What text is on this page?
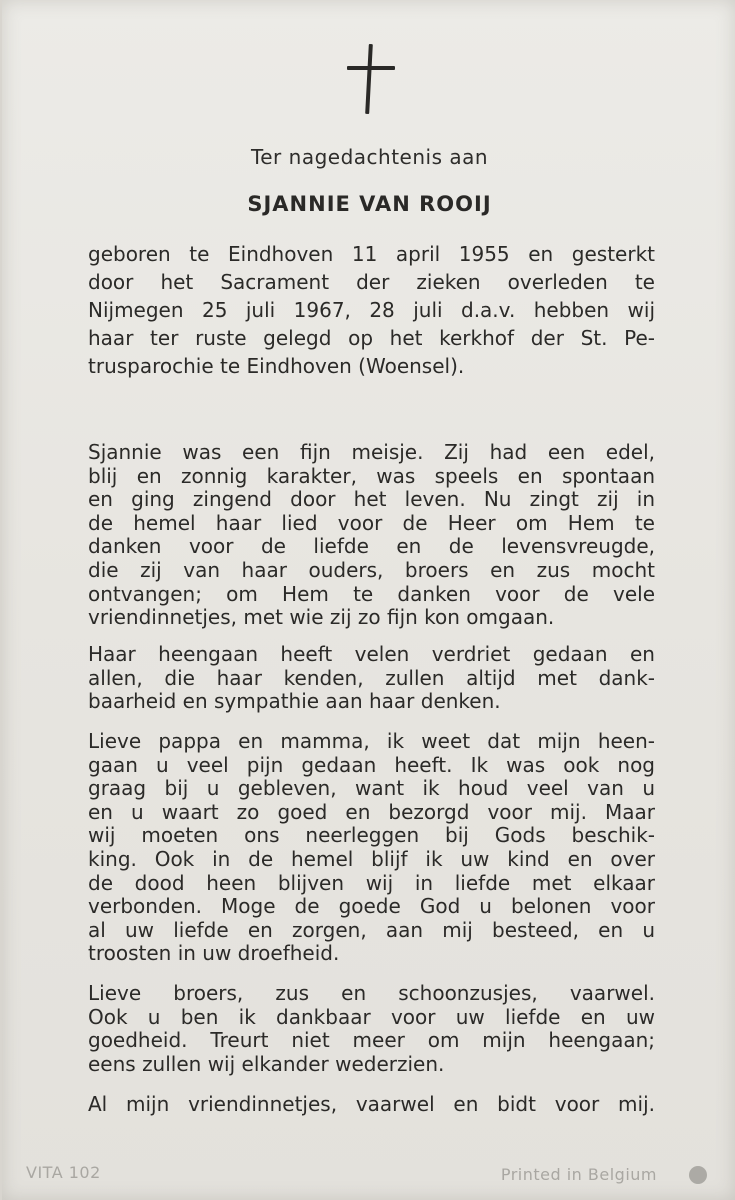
Ter nagedachtenis aan
SJANNIE VAN ROOIJ
geboren te Eindhoven 11 april 1955 en gesterkt
door het Sacrament der zieken overleden te
Nijmegen 25 juli 1967, 28 juli d.a.v. hebben wij
haar ter ruste gelegd op het kerkhof der St. Pe-
trusparochie te Eindhoven (Woensel).
Sjannie was een fijn meisje. Zij had een edel,
blij en zonnig karakter, was speels en spontaan
en ging zingend door het leven. Nu zingt zij in
de hemel haar lied voor de Heer om Hem te
danken voor de liefde en de levensvreugde,
die zij van haar ouders, broers en zus mocht
ontvangen; om Hem te danken voor de vele
vriendinnetjes, met wie zij zo fijn kon omgaan.
Haar heengaan heeft velen verdriet gedaan en
allen, die haar kenden, zullen altijd met dank-
baarheid en sympathie aan haar denken.
Lieve pappa en mamma, ik weet dat mijn heen-
gaan u veel pijn gedaan heeft. Ik was ook nog
graag bij u gebleven, want ik houd veel van u
en u waart zo goed en bezorgd voor mij. Maar
wij moeten ons neerleggen bij Gods beschik-
king. Ook in de hemel blijf ik uw kind en over
de dood heen blijven wij in liefde met elkaar
verbonden. Moge de goede God u belonen voor
al uw liefde en zorgen, aan mij besteed, en u
troosten in uw droefheid.
Lieve broers, zus en schoonzusjes, vaarwel.
Ook u ben ik dankbaar voor uw liefde en uw
goedheid. Treurt niet meer om mijn heengaan;
eens zullen wij elkander wederzien.
Al mijn vriendinnetjes, vaarwel en bidt voor mij.
VITA 102	Printed in Belgium
